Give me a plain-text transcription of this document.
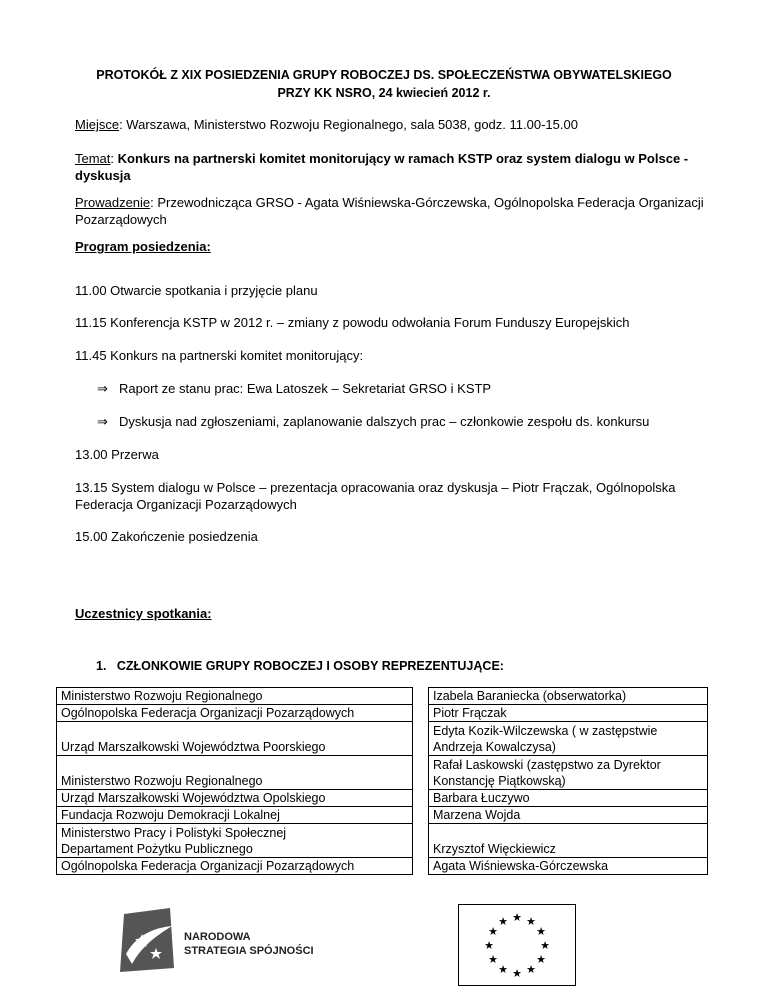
PROTOKÓŁ Z XIX POSIEDZENIA GRUPY ROBOCZEJ DS. SPOŁECZEŃSTWA OBYWATELSKIEGO
PRZY KK NSRO, 24 kwiecień 2012 r.
Miejsce: Warszawa, Ministerstwo Rozwoju Regionalnego, sala 5038, godz. 11.00-15.00
Temat: Konkurs na partnerski komitet monitorujący w ramach KSTP oraz system dialogu w Polsce -
dyskusja
Prowadzenie: Przewodnicząca GRSO - Agata Wiśniewska-Górczewska, Ogólnopolska Federacja Organizacji
Pozarządowych
Program posiedzenia:
11.00 Otwarcie spotkania i przyjęcie planu
11.15 Konferencja KSTP w 2012 r. – zmiany z powodu odwołania Forum Funduszy Europejskich
11.45 Konkurs na partnerski komitet monitorujący:
⇒ Raport ze stanu prac: Ewa Latoszek – Sekretariat GRSO i KSTP
⇒ Dyskusja nad zgłoszeniami, zaplanowanie dalszych prac – członkowie zespołu ds. konkursu
13.00 Przerwa
13.15 System dialogu w Polsce – prezentacja opracowania oraz dyskusja – Piotr Frączak, Ogólnopolska
Federacja Organizacji Pozarządowych
15.00 Zakończenie posiedzenia
Uczestnicy spotkania:
1. CZŁONKOWIE GRUPY ROBOCZEJ I OSOBY REPREZENTUJĄCE:
Ministerstwo Rozwoju Regionalnego		Izabela Baraniecka (obserwatorka)
Ogólnopolska Federacja Organizacji Pozarządowych		Piotr Frączak
Urząd Marszałkowski Województwa Poorskiego		Edyta Kozik-Wilczewska ( w zastępstwie
Andrzeja Kowalczysa)

Ministerstwo Rozwoju Regionalnego		Rafał Laskowski (zastępstwo za Dyrektor
Konstancję Piątkowską)

Urząd Marszałkowski Województwa Opolskiego		Barbara Łuczywo
Fundacja Rozwoju Demokracji Lokalnej		Marzena Wojda

Ministerstwo Pracy i Polistyki Społecznej
Departament Pożytku Publicznego		Krzysztof Więckiewicz
Ogólnopolska Federacja Organizacji Pozarządowych		Agata Wiśniewska-Górczewska
NARODOWA
STRATEGIA SPÓJNOŚCI
★ ★
★
★
★
★
★
★
★
★
★
★
